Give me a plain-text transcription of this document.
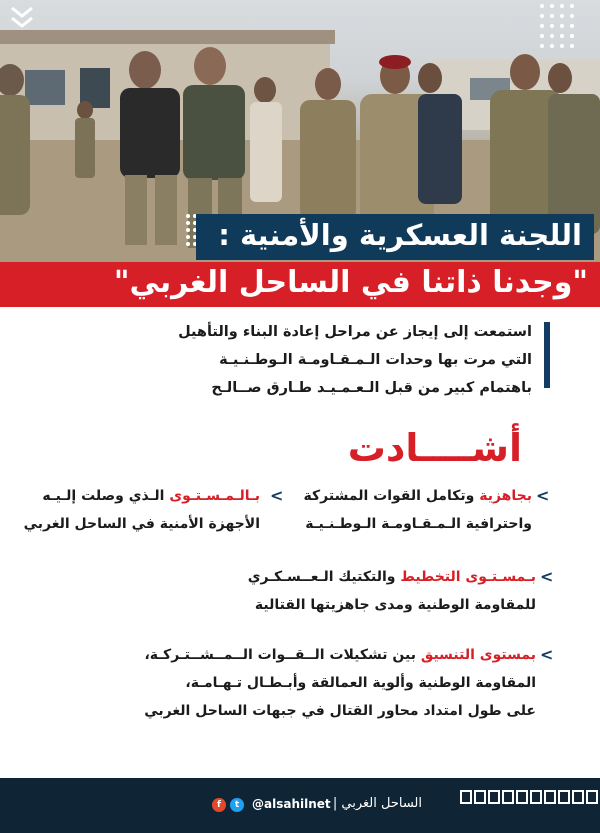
اللجنة العسكرية والأمنية :
"وجدنا ذاتنا في الساحل الغربي"
استمعت إلى إيجاز عن مراحل إعادة البناء والتأهيل
التي مرت بها وحدات الـمـقـاومـة الـوطـنـيـة
باهتمام كبير من قبل الـعـمـيـد طـارق صــالـح
أشــــادت
<
بجاهزية وتكامل القوات المشتركة
واحترافية الـمـقـاومـة الـوطـنـيـة
<
بـالـمـسـتـوى الـذي وصلت إلـيـه
الأجهزة الأمنية في الساحل الغربي
<
بـمسـتـوى التخطيط والتكتيك الـعــسـكـري
للمقاومة الوطنية ومدى جاهزيتها القتالية
<
بمستوى التنسيق بين تشكيلات الــقــوات الــمــشــتـركـة،
المقاومة الوطنية وألوية العمالقة وأبـطـال تـهـامـة،
على طول امتداد محاور القتال في جبهات الساحل الغربي
f	t	@alsahilnet الساحل الغربي |
